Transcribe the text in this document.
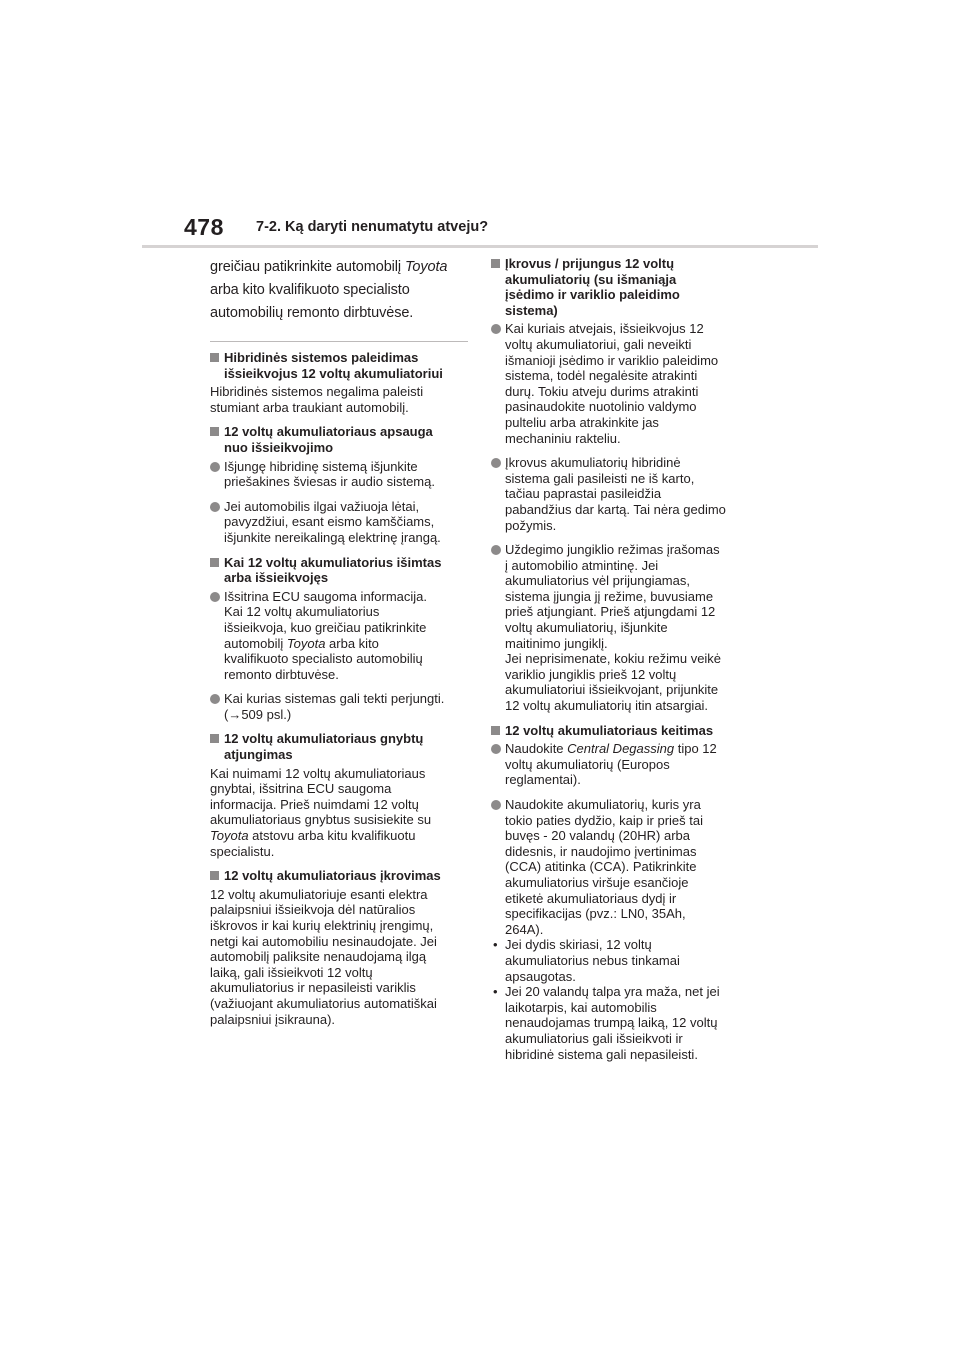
478 7-2. Ką daryti nenumatytu atveju?
greičiau patikrinkite automobilį Toyota
arba kito kvalifikuoto specialisto
automobilių remonto dirbtuvėse.
Hibridinės sistemos paleidimas
išsieikvojus 12 voltų akumuliatoriui
Hibridinės sistemos negalima paleisti
stumiant arba traukiant automobilį.
12 voltų akumuliatoriaus apsauga
nuo išsieikvojimo
Išjungę hibridinę sistemą išjunkite
priešakines šviesas ir audio sistemą.
Jei automobilis ilgai važiuoja lėtai,
pavyzdžiui, esant eismo kamščiams,
išjunkite nereikalingą elektrinę įrangą.
Kai 12 voltų akumuliatorius išimtas
arba išsieikvojęs
Išsitrina ECU saugoma informacija.
Kai 12 voltų akumuliatorius
išsieikvoja, kuo greičiau patikrinkite
automobilį Toyota arba kito
kvalifikuoto specialisto automobilių
remonto dirbtuvėse.
Kai kurias sistemas gali tekti perjungti.
(→509 psl.)
12 voltų akumuliatoriaus gnybtų
atjungimas
Kai nuimami 12 voltų akumuliatoriaus
gnybtai, išsitrina ECU saugoma
informacija. Prieš nuimdami 12 voltų
akumuliatoriaus gnybtus susisiekite su
Toyota atstovu arba kitu kvalifikuotu
specialistu.
12 voltų akumuliatoriaus įkrovimas
12 voltų akumuliatoriuje esanti elektra
palaipsniui išsieikvoja dėl natūralios
iškrovos ir kai kurių elektrinių įrengimų,
netgi kai automobiliu nesinaudojate. Jei
automobilį paliksite nenaudojamą ilgą
laiką, gali išsieikvoti 12 voltų
akumuliatorius ir nepasileisti variklis
(važiuojant akumuliatorius automatiškai
palaipsniui įsikrauna).
Įkrovus / prijungus 12 voltų
akumuliatorių (su išmaniąja
įsėdimo ir variklio paleidimo
sistema)
Kai kuriais atvejais, išsieikvojus 12
voltų akumuliatoriui, gali neveikti
išmanioji įsėdimo ir variklio paleidimo
sistema, todėl negalėsite atrakinti
durų. Tokiu atveju durims atrakinti
pasinaudokite nuotolinio valdymo
pulteliu arba atrakinkite jas
mechaniniu rakteliu.
Įkrovus akumuliatorių hibridinė
sistema gali pasileisti ne iš karto,
tačiau paprastai pasileidžia
pabandžius dar kartą. Tai nėra gedimo
požymis.
Uždegimo jungiklio režimas įrašomas
į automobilio atmintinę. Jei
akumuliatorius vėl prijungiamas,
sistema įjungia jį režime, buvusiame
prieš atjungiant. Prieš atjungdami 12
voltų akumuliatorių, išjunkite
maitinimo jungiklį.
Jei neprisimenate, kokiu režimu veikė
variklio jungiklis prieš 12 voltų
akumuliatoriui išsieikvojant, prijunkite
12 voltų akumuliatorių itin atsargiai.
12 voltų akumuliatoriaus keitimas
Naudokite Central Degassing tipo 12
voltų akumuliatorių (Europos
reglamentai).
Naudokite akumuliatorių, kuris yra
tokio paties dydžio, kaip ir prieš tai
buvęs - 20 valandų (20HR) arba
didesnis, ir naudojimo įvertinimas
(CCA) atitinka (CCA). Patikrinkite
akumuliatorius viršuje esančioje
etiketė akumuliatoriaus dydį ir
specifikacijas (pvz.: LN0, 35Ah,
264A).
• Jei dydis skiriasi, 12 voltų
akumuliatorius nebus tinkamai
apsaugotas.
• Jei 20 valandų talpa yra maža, net jei
laikotarpis, kai automobilis
nenaudojamas trumpą laiką, 12 voltų
akumuliatorius gali išsieikvoti ir
hibridinė sistema gali nepasileisti.
